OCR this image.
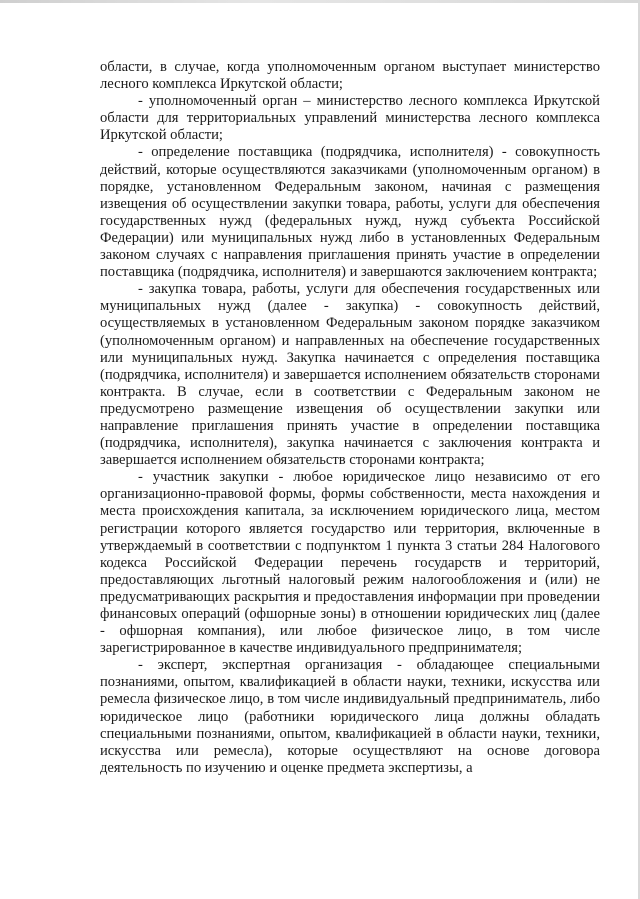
области, в случае, когда уполномоченным органом выступает министерство лесного комплекса Иркутской области;

- уполномоченный орган – министерство лесного комплекса Иркутской области для территориальных управлений министерства лесного комплекса Иркутской области;

- определение поставщика (подрядчика, исполнителя) - совокупность действий, которые осуществляются заказчиками (уполномоченным органом) в порядке, установленном Федеральным законом, начиная с размещения извещения об осуществлении закупки товара, работы, услуги для обеспечения государственных нужд (федеральных нужд, нужд субъекта Российской Федерации) или муниципальных нужд либо в установленных Федеральным законом случаях с направления приглашения принять участие в определении поставщика (подрядчика, исполнителя) и завершаются заключением контракта;

- закупка товара, работы, услуги для обеспечения государственных или муниципальных нужд (далее - закупка) - совокупность действий, осуществляемых в установленном Федеральным законом порядке заказчиком (уполномоченным органом) и направленных на обеспечение государственных или муниципальных нужд. Закупка начинается с определения поставщика (подрядчика, исполнителя) и завершается исполнением обязательств сторонами контракта. В случае, если в соответствии с Федеральным законом не предусмотрено размещение извещения об осуществлении закупки или направление приглашения принять участие в определении поставщика (подрядчика, исполнителя), закупка начинается с заключения контракта и завершается исполнением обязательств сторонами контракта;

- участник закупки - любое юридическое лицо независимо от его организационно-правовой формы, формы собственности, места нахождения и места происхождения капитала, за исключением юридического лица, местом регистрации которого является государство или территория, включенные в утверждаемый в соответствии с подпунктом 1 пункта 3 статьи 284 Налогового кодекса Российской Федерации перечень государств и территорий, предоставляющих льготный налоговый режим налогообложения и (или) не предусматривающих раскрытия и предоставления информации при проведении финансовых операций (офшорные зоны) в отношении юридических лиц (далее - офшорная компания), или любое физическое лицо, в том числе зарегистрированное в качестве индивидуального предпринимателя;

- эксперт, экспертная организация - обладающее специальными познаниями, опытом, квалификацией в области науки, техники, искусства или ремесла физическое лицо, в том числе индивидуальный предприниматель, либо юридическое лицо (работники юридического лица должны обладать специальными познаниями, опытом, квалификацией в области науки, техники, искусства или ремесла), которые осуществляют на основе договора деятельность по изучению и оценке предмета экспертизы, а
